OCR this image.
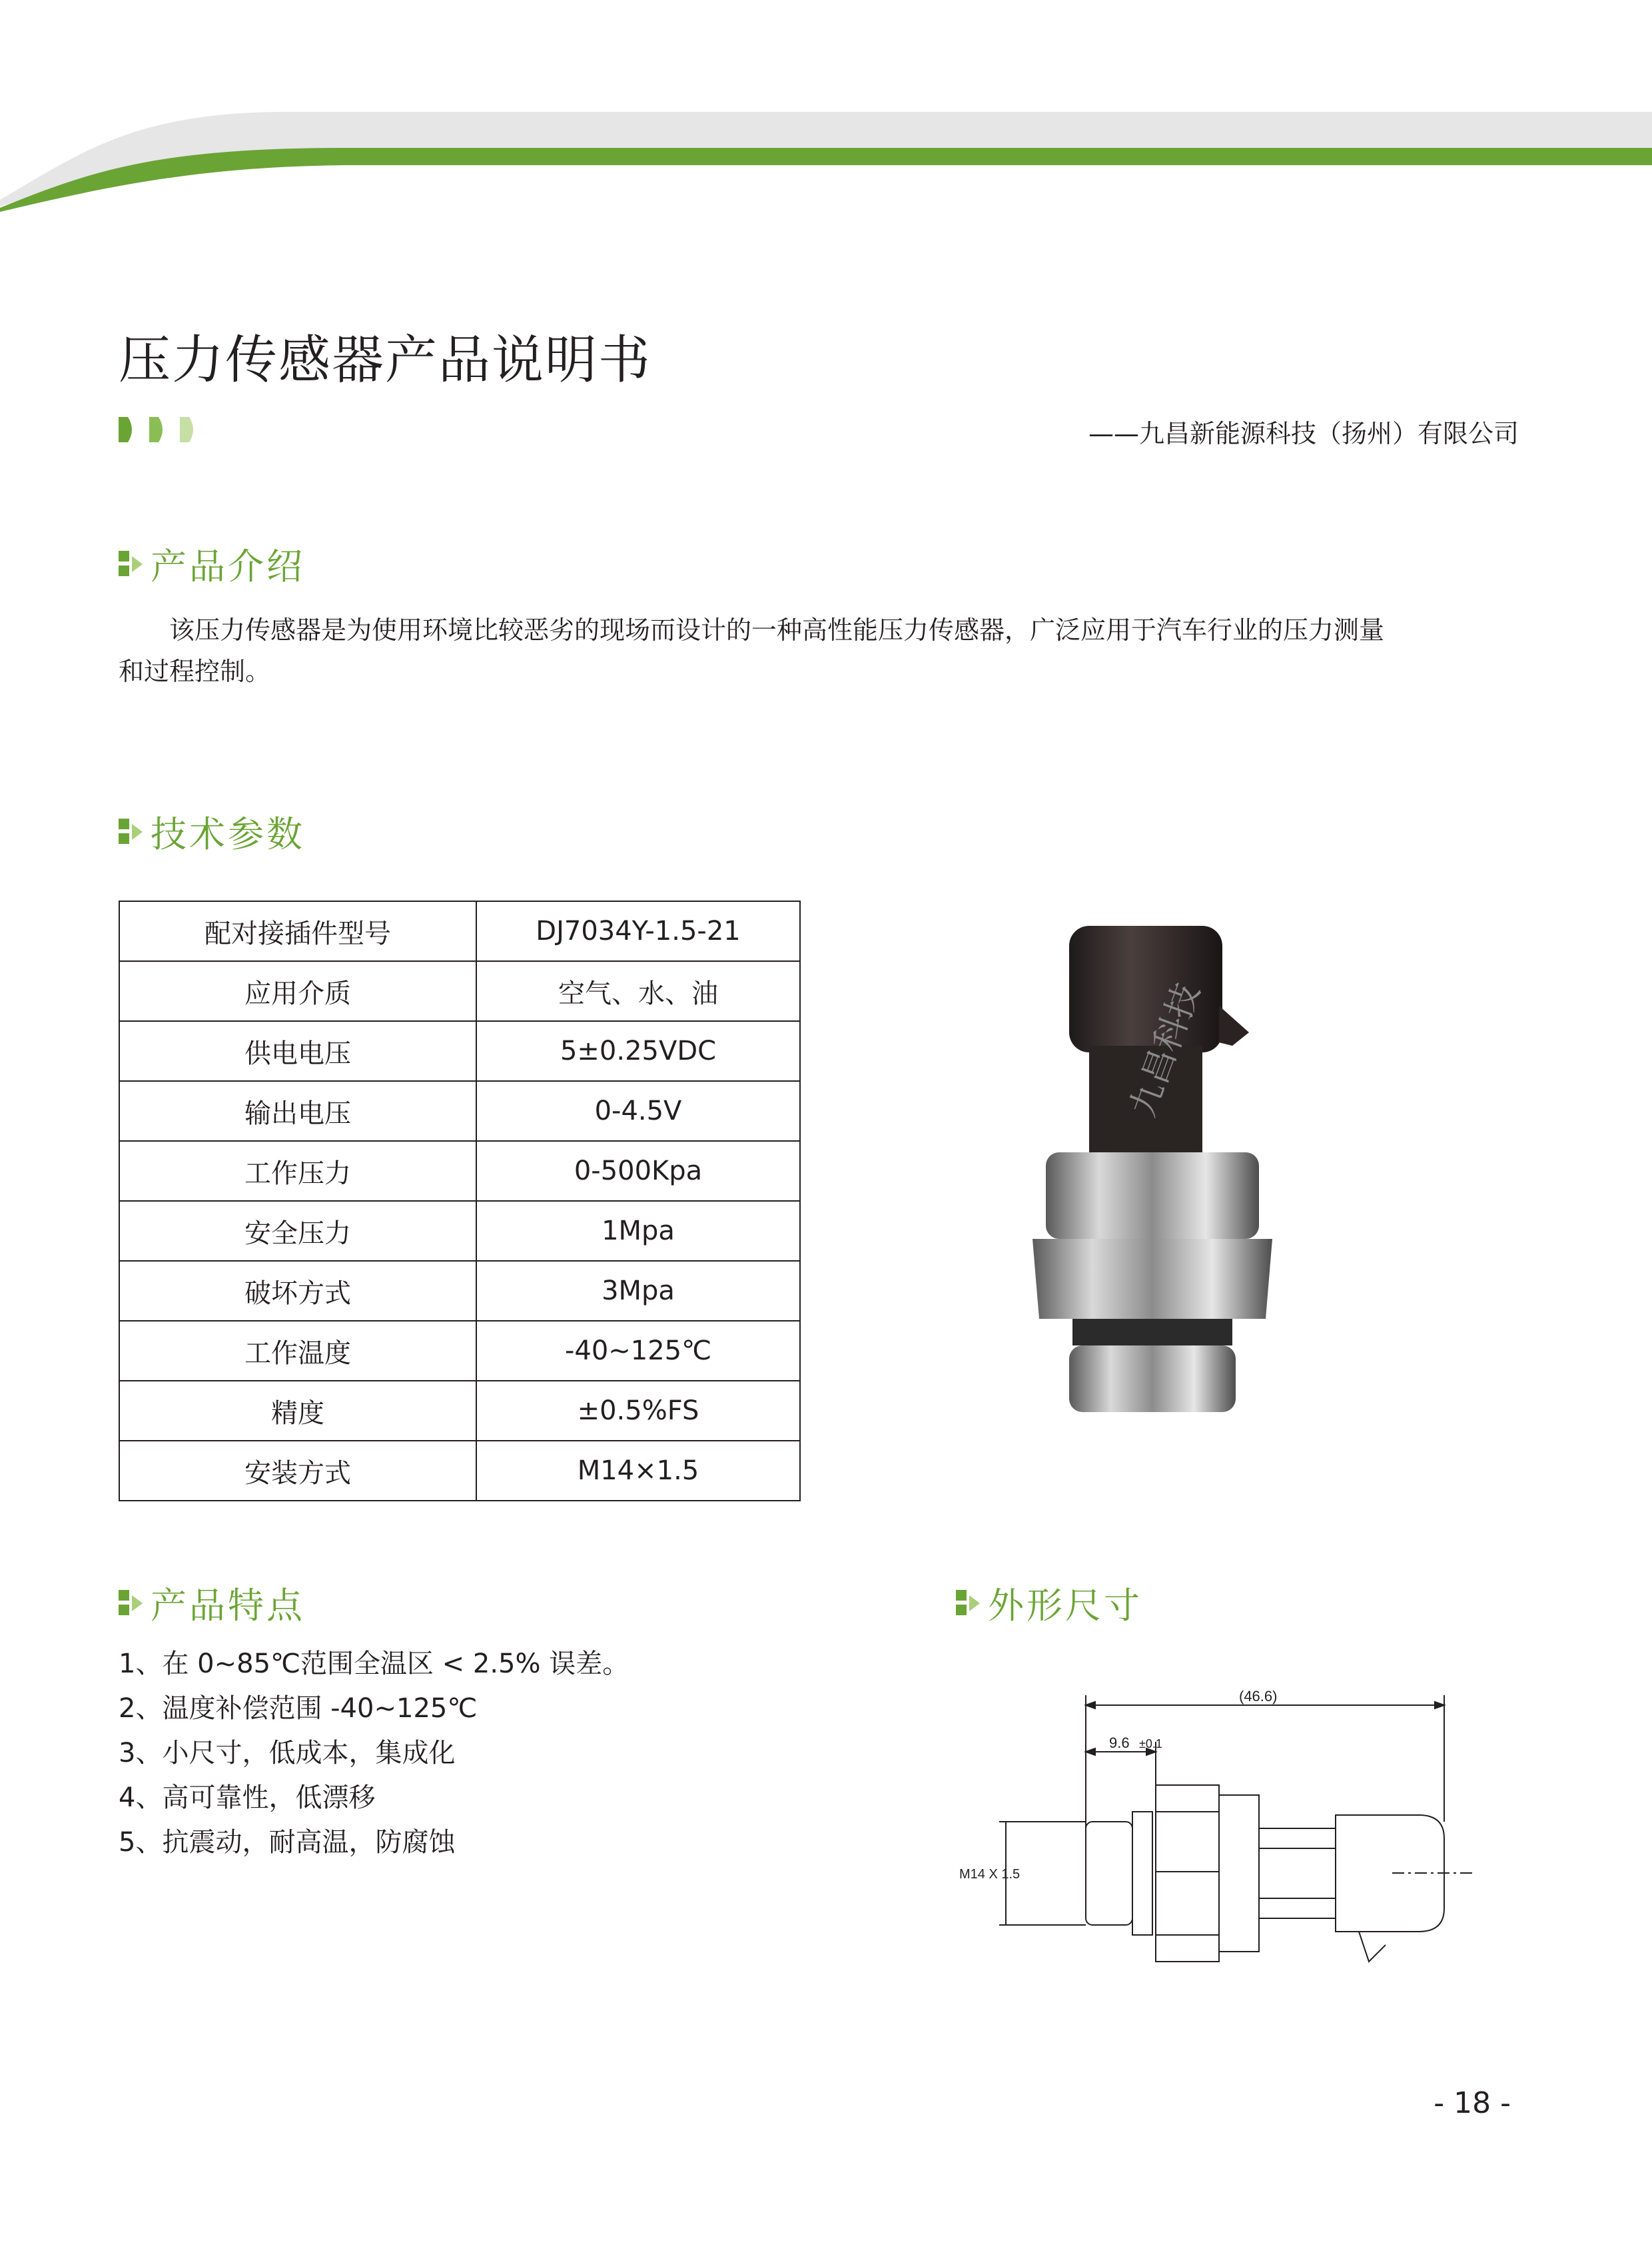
压力传感器产品说明书
——九昌新能源科技（扬州）有限公司
产品介绍

　　该压力传感器是为使用环境比较恶劣的现场而设计的一种高性能压力传感器，广泛应用于汽车行业的压力测量

和过程控制。

技术参数
配对接插件型号	DJ7034Y-1.5-21
应用介质	空气、水、油
供电电压	5±0.25VDC
输出电压	0-4.5V
工作压力	0-500Kpa
安全压力	1Mpa
破坏方式	3Mpa
工作温度	-40~125℃
精度	±0.5%FS
安装方式	M14×1.5
九昌科技
产品特点
1、在 0~85℃范围全温区 < 2.5% 误差。
2、温度补偿范围 -40~125℃
3、小尺寸，低成本，集成化
4、高可靠性，低漂移
5、抗震动，耐高温，防腐蚀
外形尺寸
(46.6)
9.6 ±0.1
M14 X 1.5
- 18 -
